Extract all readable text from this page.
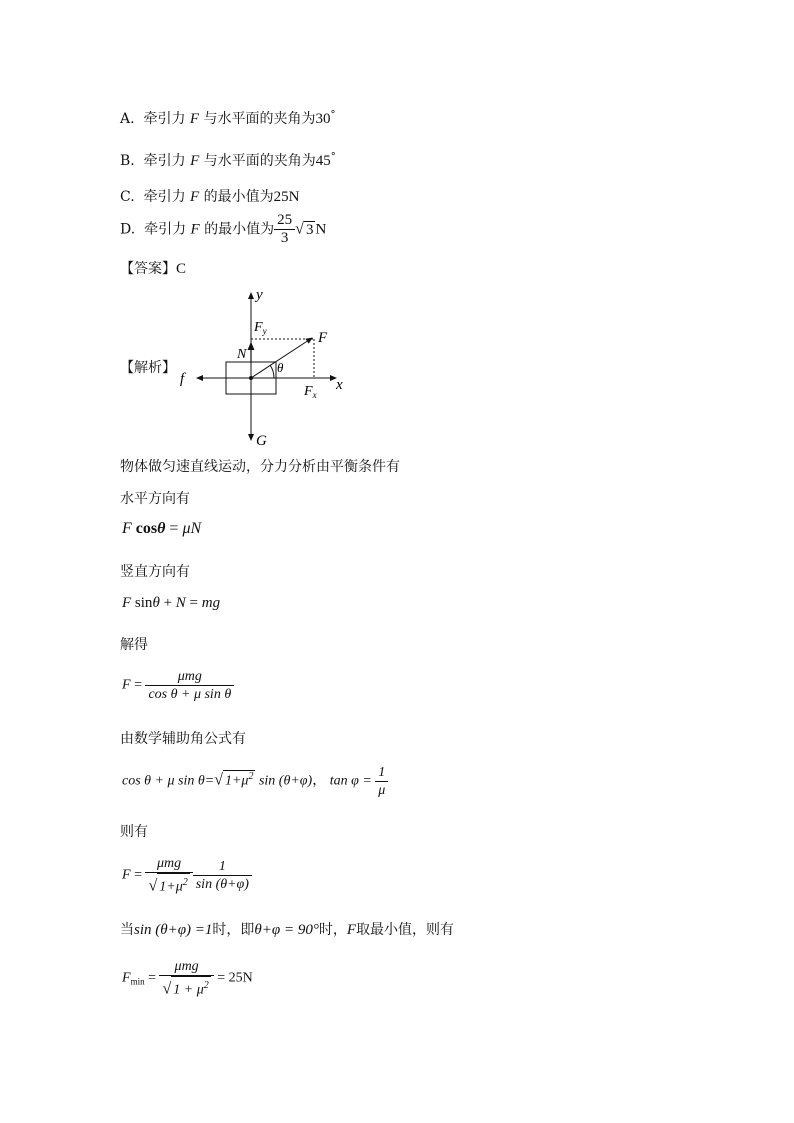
A. 牵引力 F 与水平面的夹角为30°
B. 牵引力 F 与水平面的夹角为45°
C. 牵引力 F 的最小值为25N
D. 牵引力 F 的最小值为 $\frac{25}{3}$ √ 3 N
【答案】C
【解析】
y
x
F
$F_y$
$F_x$
N
G
f
θ
物体做匀速直线运动，分力分析由平衡条件有
水平方向有
F cosθ = μN
竖直方向有
F sinθ + N = mg
解得
$F = \frac{\text{μmg}}{\text{cos θ + μ sin θ}}$
由数学辅助角公式有
cos θ + μ sin θ=√ $1+\mu^2$ sin (θ+φ)， $\tan \varphi = \frac{1}{\mu}$
则有
$F = \frac{\text{μmg}}{√ 1+\mu^2} \frac{1}{\sin (\theta+\varphi)}$
当sin (θ+φ) =1时，即θ+φ = 90°时，F取最小值，则有
$F_{min} = \frac{\text{μmg}}{√ 1 + \mu^2} = 25N$
